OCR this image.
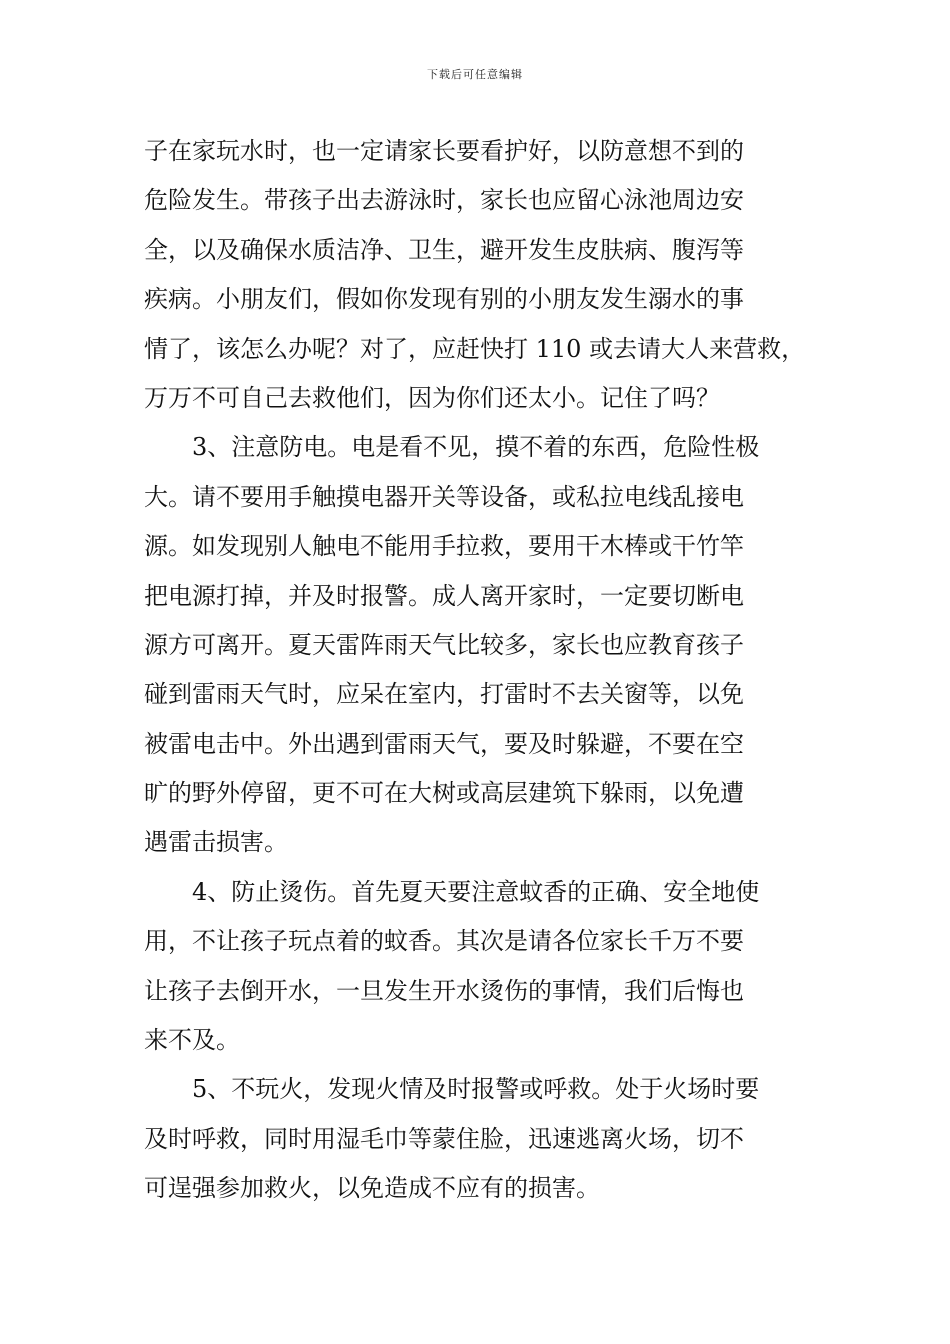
下载后可任意编辑
子在家玩水时，也一定请家长要看护好，以防意想不到的
危险发生。带孩子出去游泳时，家长也应留心泳池周边安
全，以及确保水质洁净、卫生，避开发生皮肤病、腹泻等
疾病。小朋友们，假如你发现有别的小朋友发生溺水的事
情了，该怎么办呢？对了，应赶快打 110 或去请大人来营救，
万万不可自己去救他们，因为你们还太小。记住了吗？
3、注意防电。电是看不见，摸不着的东西，危险性极
大。请不要用手触摸电器开关等设备，或私拉电线乱接电
源。如发现别人触电不能用手拉救，要用干木棒或干竹竿
把电源打掉，并及时报警。成人离开家时，一定要切断电
源方可离开。夏天雷阵雨天气比较多，家长也应教育孩子
碰到雷雨天气时，应呆在室内，打雷时不去关窗等，以免
被雷电击中。外出遇到雷雨天气，要及时躲避，不要在空
旷的野外停留，更不可在大树或高层建筑下躲雨，以免遭
遇雷击损害。
4、防止烫伤。首先夏天要注意蚊香的正确、安全地使
用，不让孩子玩点着的蚊香。其次是请各位家长千万不要
让孩子去倒开水，一旦发生开水烫伤的事情，我们后悔也
来不及。
5、不玩火，发现火情及时报警或呼救。处于火场时要
及时呼救，同时用湿毛巾等蒙住脸，迅速逃离火场，切不
可逞强参加救火，以免造成不应有的损害。
